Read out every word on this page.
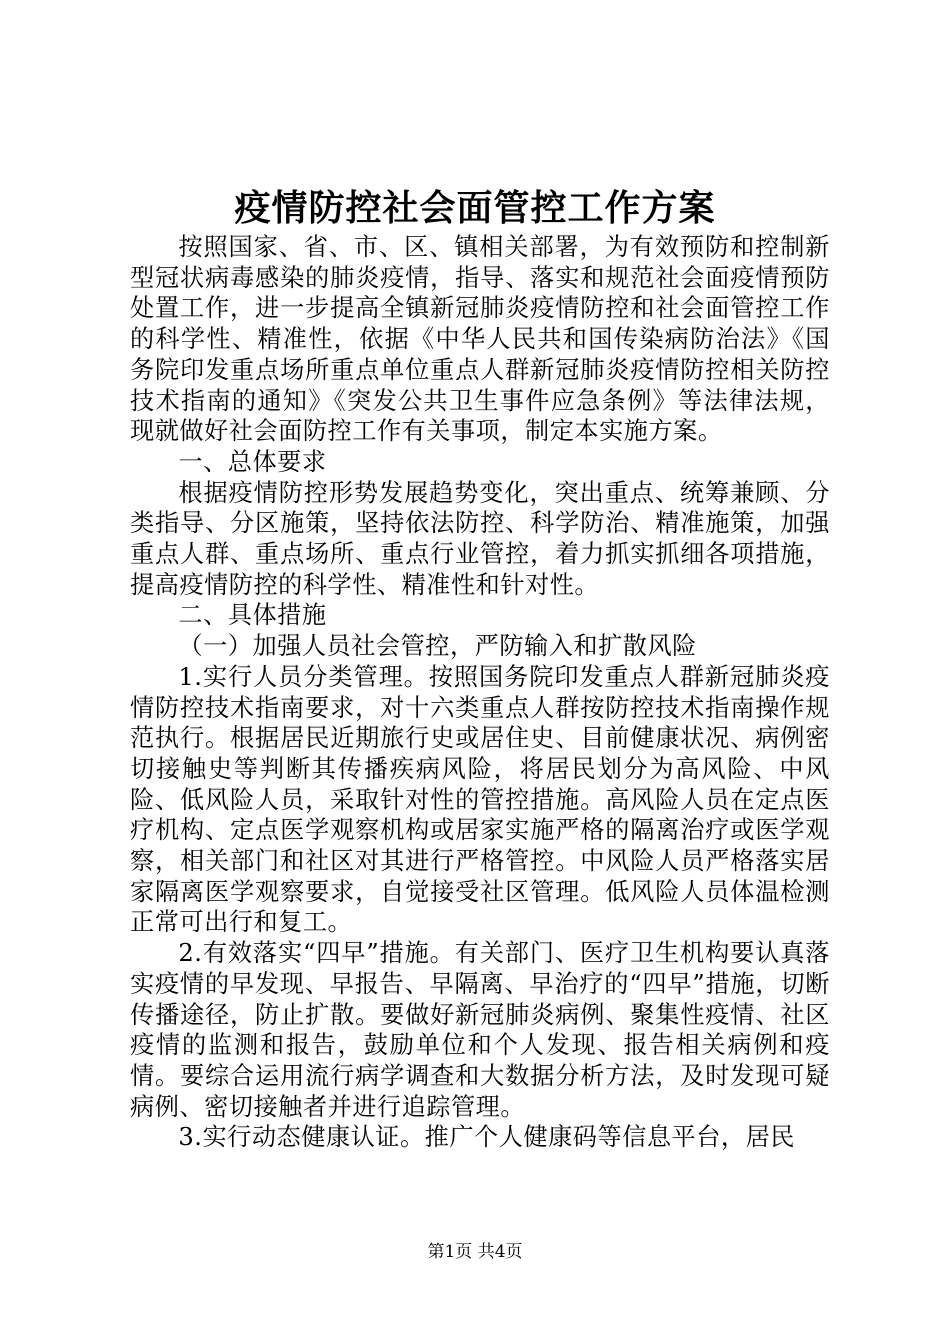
疫情防控社会面管控工作方案

按照国家、省、市、区、镇相关部署，为有效预防和控制新型冠状病毒感染的肺炎疫情，指导、落实和规范社会面疫情预防处置工作，进一步提高全镇新冠肺炎疫情防控和社会面管控工作的科学性、精准性，依据《中华人民共和国传染病防治法》《国务院印发重点场所重点单位重点人群新冠肺炎疫情防控相关防控技术指南的通知》《突发公共卫生事件应急条例》等法律法规，现就做好社会面防控工作有关事项，制定本实施方案。

一、总体要求

根据疫情防控形势发展趋势变化，突出重点、统筹兼顾、分类指导、分区施策，坚持依法防控、科学防治、精准施策，加强重点人群、重点场所、重点行业管控，着力抓实抓细各项措施，提高疫情防控的科学性、精准性和针对性。

二、具体措施

（一）加强人员社会管控，严防输入和扩散风险

1.实行人员分类管理。按照国务院印发重点人群新冠肺炎疫情防控技术指南要求，对十六类重点人群按防控技术指南操作规范执行。根据居民近期旅行史或居住史、目前健康状况、病例密切接触史等判断其传播疾病风险，将居民划分为高风险、中风险、低风险人员，采取针对性的管控措施。高风险人员在定点医疗机构、定点医学观察机构或居家实施严格的隔离治疗或医学观察，相关部门和社区对其进行严格管控。中风险人员严格落实居家隔离医学观察要求，自觉接受社区管理。低风险人员体温检测正常可出行和复工。

2.有效落实“四早”措施。有关部门、医疗卫生机构要认真落实疫情的早发现、早报告、早隔离、早治疗的“四早”措施，切断传播途径，防止扩散。要做好新冠肺炎病例、聚集性疫情、社区疫情的监测和报告，鼓励单位和个人发现、报告相关病例和疫情。要综合运用流行病学调查和大数据分析方法，及时发现可疑病例、密切接触者并进行追踪管理。

3.实行动态健康认证。推广个人健康码等信息平台，居民

第1页 共4页
